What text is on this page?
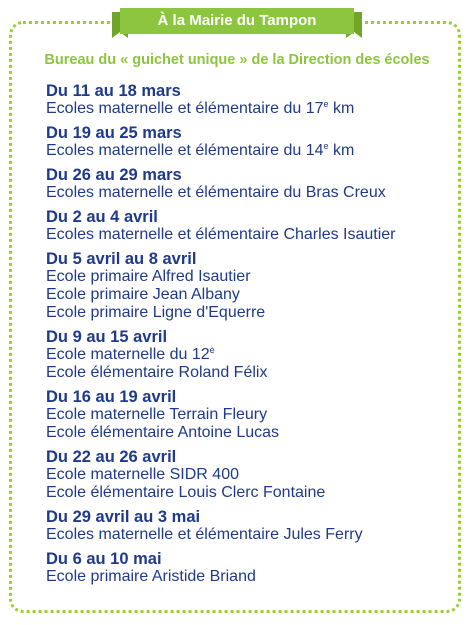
À la Mairie du Tampon
Bureau du « guichet unique » de la Direction des écoles
Du 11 au 18 mars
Ecoles maternelle et élémentaire du 17e km
Du 19 au 25 mars
Ecoles maternelle et élémentaire du 14e km
Du 26 au 29 mars
Ecoles maternelle et élémentaire du Bras Creux
Du 2 au 4 avril
Ecoles maternelle et élémentaire Charles Isautier
Du 5 avril au 8 avril
Ecole primaire Alfred Isautier
Ecole primaire Jean Albany
Ecole primaire Ligne d'Equerre
Du 9 au 15 avril
Ecole maternelle du $12^è$
Ecole élémentaire Roland Félix
Du 16 au 19 avril
Ecole maternelle Terrain Fleury
Ecole élémentaire Antoine Lucas
Du 22 au 26 avril
Ecole maternelle SIDR 400
Ecole élémentaire Louis Clerc Fontaine
Du 29 avril au 3 mai
Ecoles maternelle et élémentaire Jules Ferry
Du 6 au 10 mai
Ecole primaire Aristide Briand
